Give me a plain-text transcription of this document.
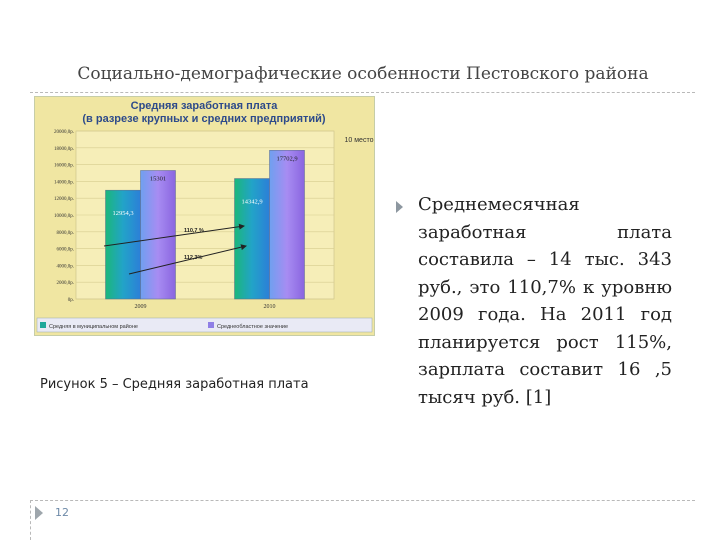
Социально-демографические особенности Пестовского района
Средняя заработная плата
(в разрезе крупных и средних предприятий)
10 место
0р.
2000,0р.
4000,0р.
6000,0р.
8000,0р.
10000,0р.
12000,0р.
14000,0р.
16000,0р.
18000,0р.
20000,0р.
12954,3
15301
2009
14342,9
17702,9
2010
110,7 %
112,3%
Средняя в муниципальном районе	Среднеобластное значение
Рисунок 5 – Средняя заработная плата
Среднемесячная заработная плата составила – 14 тыс. 343 руб., это 110,7% к уровню 2009 года. На 2011 год планируется рост 115%, зарплата составит 16 ,5 тысяч руб. [1]
12
